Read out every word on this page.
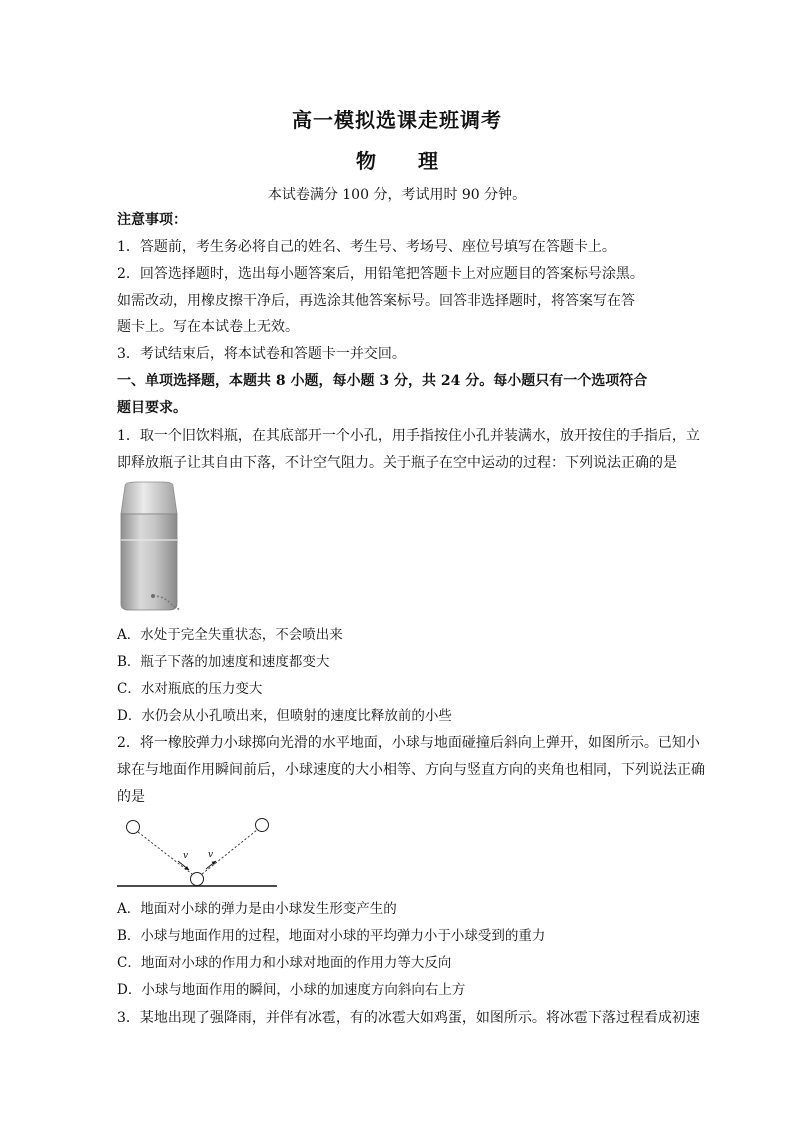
高一模拟选课走班调考
物 理
本试卷满分 100 分，考试用时 90 分钟。
注意事项：
1．答题前，考生务必将自己的姓名、考生号、考场号、座位号填写在答题卡上。
2．回答选择题时，选出每小题答案后，用铅笔把答题卡上对应题目的答案标号涂黑。
如需改动，用橡皮擦干净后，再选涂其他答案标号。回答非选择题时，将答案写在答
题卡上。写在本试卷上无效。
3．考试结束后，将本试卷和答题卡一并交回。
一、单项选择题，本题共 8 小题，每小题 3 分，共 24 分。每小题只有一个选项符合
题目要求。
1．取一个旧饮料瓶，在其底部开一个小孔，用手指按住小孔并装满水，放开按住的手指后，立
即释放瓶子让其自由下落，不计空气阻力。关于瓶子在空中运动的过程：下列说法正确的是
A．水处于完全失重状态，不会喷出来
B．瓶子下落的加速度和速度都变大
C．水对瓶底的压力变大
D．水仍会从小孔喷出来，但喷射的速度比释放前的小些
2．将一橡胶弹力小球掷向光滑的水平地面，小球与地面碰撞后斜向上弹开，如图所示。已知小
球在与地面作用瞬间前后，小球速度的大小相等、方向与竖直方向的夹角也相同，下列说法正确
的是
v v
A．地面对小球的弹力是由小球发生形变产生的
B．小球与地面作用的过程，地面对小球的平均弹力小于小球受到的重力
C．地面对小球的作用力和小球对地面的作用力等大反向
D．小球与地面作用的瞬间，小球的加速度方向斜向右上方
3．某地出现了强降雨，并伴有冰雹，有的冰雹大如鸡蛋，如图所示。将冰雹下落过程看成初速
